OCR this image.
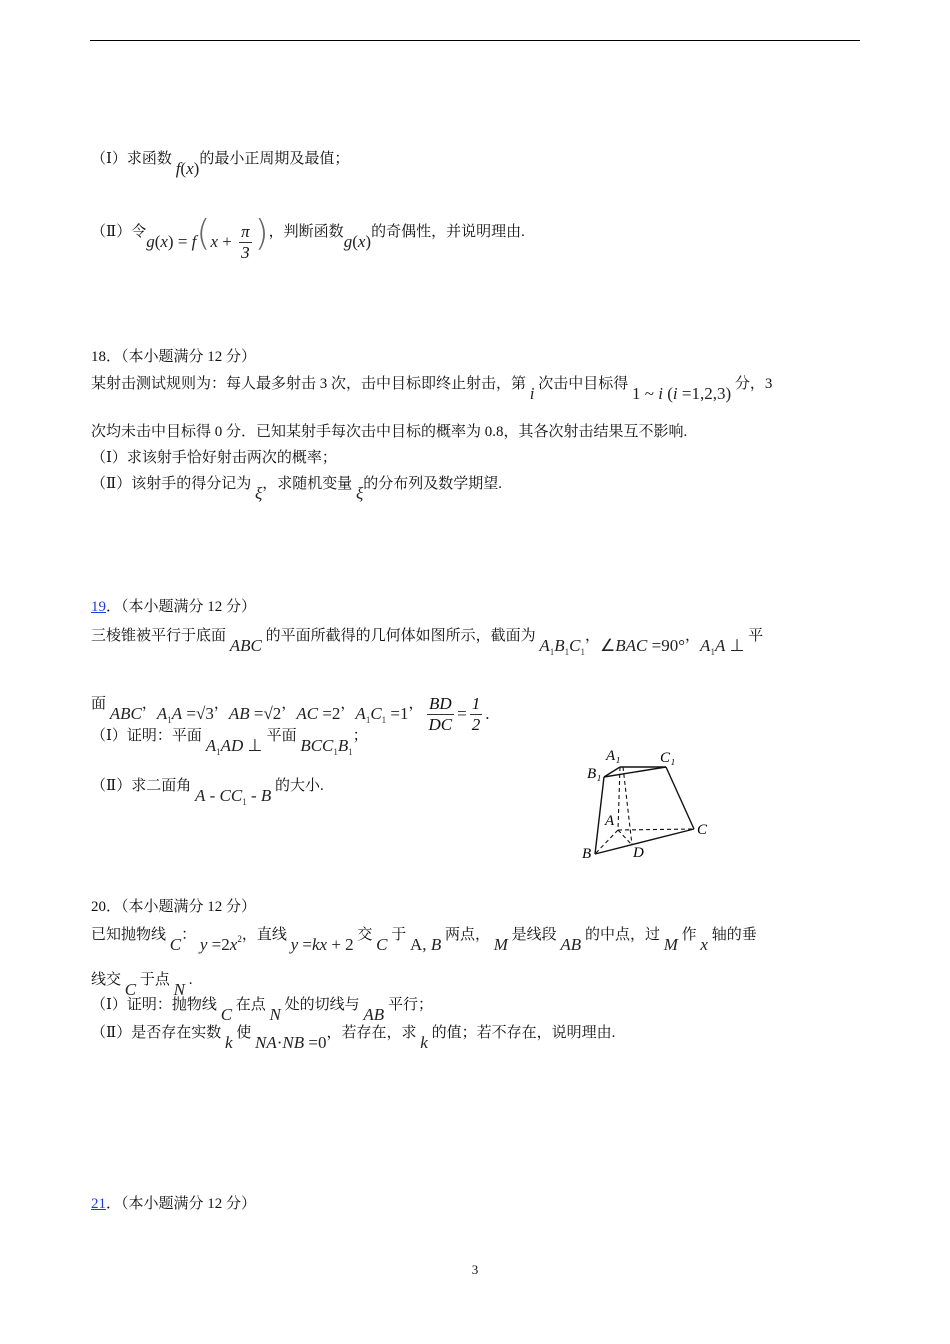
（Ⅰ）求函数 f(x)的最小正周期及最值；
（Ⅱ）令$g(x) = f(x + \frac{\pi}{3}$ )，判断函数g(x)的奇偶性，并说明理由.
18．（本小题满分 12 分）
某射击测试规则为：每人最多射击 3 次，击中目标即终止射击，第 i 次击中目标得 1 ~ i (i =1,2,3) 分，3
次均未击中目标得 0 分．已知某射手每次击中目标的概率为 0.8，其各次射击结果互不影响.
（Ⅰ）求该射手恰好射击两次的概率；
（Ⅱ）该射手的得分记为 ξ，求随机变量 ξ的分布列及数学期望.
19．（本小题满分 12 分）
三棱锥被平行于底面 ABC 的平面所截得的几何体如图所示，截面为 $A_1B_1C_1$，∠BAC =90°，$A_1A$ ⊥ 平
面 ABC，$A_1A =√3$，AB =√2，AC =2，$A_1C_1 =1$， $\frac{BD}{DC} = \frac{1}{2}$ .
（Ⅰ）证明：平面 $A_1AD$ ⊥ 平面 $BCC_1B_1$；
（Ⅱ）求二面角 A - $CC_1$ - B 的大小.
20．（本小题满分 12 分）
已知抛物线 C： $y =2x_2$，直线 y =kx + 2 交 C 于 A, B 两点， M 是线段 AB 的中点，过 M 作 x 轴的垂
线交 C 于点 N .
（Ⅰ）证明：抛物线 C 在点 N 处的切线与 AB 平行；
（Ⅱ）是否存在实数 k 使 NA·NB =0，若存在，求 k 的值；若不存在，说明理由.
21．（本小题满分 12 分）
A₁	C₁
B₁
A
C
B	D
3
